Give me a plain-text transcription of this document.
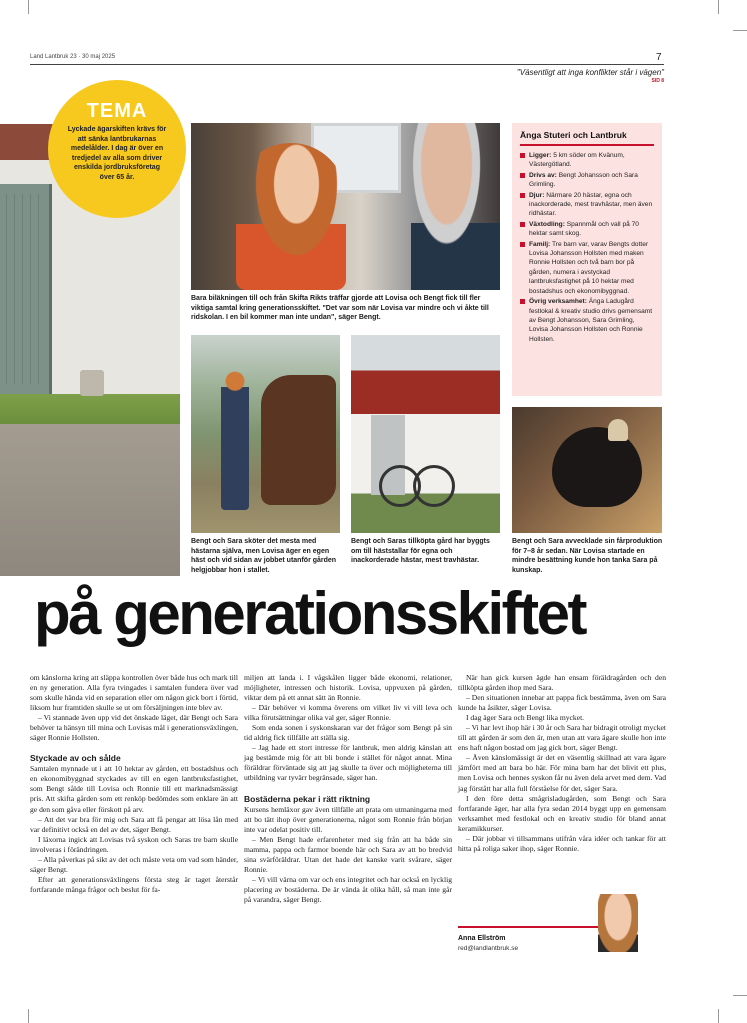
Land Lantbruk 23 · 30 maj 2025	7
"Väsentligt att inga konflikter står i vägen"
SID 8
TEMA
Lyckade ägarskiften krävs för att sänka lantbrukarnas medelålder. I dag är över en tredjedel av alla som driver enskilda jordbruksföretag över 65 år.
Bara biläkningen till och från Skifta Rikts träffar gjorde att Lovisa och Bengt fick till fler viktiga samtal kring generationsskiftet. "Det var som när Lovisa var mindre och vi åkte till ridskolan. I en bil kommer man inte undan", säger Bengt.
Bengt och Sara sköter det mesta med hästarna själva, men Lovisa äger en egen häst och vid sidan av jobbet utanför gården helgjobbar hon i stallet.
Bengt och Saras tillköpta gård har byggts om till häststallar för egna och inackorderade hästar, mest travhästar.
Bengt och Sara avvecklade sin fårproduktion för 7–8 år sedan. När Lovisa startade en mindre besättning kunde hon tanka Sara på kunskap.
Änga Stuteri och Lantbruk
Ligger: 5 km söder om Kvänum, Västergötland.
Drivs av: Bengt Johansson och Sara Grimling.
Djur: Närmare 20 hästar, egna och inackorderade, mest travhästar, men även ridhästar.
Växtodling: Spannmål och vall på 70 hektar samt skog.
Familj: Tre barn var, varav Bengts dotter Lovisa Johansson Hollsten med maken Ronnie Hollsten och två barn bor på gården, numera i avstyckad lantbruksfastighet på 10 hektar med bostadshus och ekonomibyggnad.
Övrig verksamhet: Änga Ladugård festlokal & kreativ studio drivs gemensamt av Bengt Johansson, Sara Grimling, Lovisa Johansson Hollsten och Ronnie Hollsten.
på generationsskiftet

om känslorna kring att släppa kontrollen över både hus och mark till en ny generation. Alla fyra tvingades i samtalen fundera över vad som skulle hända vid en separation eller om någon gick bort i förtid, liksom hur framtiden skulle se ut om försäljningen inte blev av.

– Vi stannade även upp vid det önskade läget, där Bengt och Sara behöver ta hänsyn till mina och Lovisas mål i generationsväxlingen, säger Ronnie Hollsten.

Styckade av och sålde

Samtalen mynnade ut i att 10 hektar av gården, ett bostadshus och en ekonomibyggnad styckades av till en egen lantbruksfastighet, som Bengt sålde till Lovisa och Ronnie till ett marknadsmässigt pris. Att skifta gården som ett renköp bedömdes som enklare än att ge den som gåva eller förskott på arv.

– Att det var bra för mig och Sara att få pengar att lösa lån med var definitivt också en del av det, säger Bengt.

I läxorna ingick att Lovisas två syskon och Saras tre barn skulle involveras i förändringen.

– Alla påverkas på sikt av det och måste veta om vad som händer, säger Bengt.

Efter att generationsväxlingens första steg är taget återstår fortfarande många frågor och beslut för fa-

miljen att landa i. I vågskålen ligger både ekonomi, relationer, möjligheter, intressen och historik. Lovisa, uppvuxen på gården, viktar dem på ett annat sätt än Ronnie.

– Där behöver vi komma överens om vilket liv vi vill leva och vilka förutsättningar olika val ger, säger Ronnie.

Som enda sonen i syskonskaran var det frågor som Bengt på sin tid aldrig fick tillfälle att ställa sig.

– Jag hade ett stort intresse för lantbruk, men aldrig känslan att jag bestämde mig för att bli bonde i stället för något annat. Mina föräldrar förväntade sig att jag skulle ta över och möjligheterna till utbildning var tyvärr begränsade, säger han.

Bostäderna pekar i rätt riktning

Kursens hemläxor gav även tillfälle att prata om utmaningarna med att bo tätt ihop över generationerna, något som Ronnie från början inte var odelat positiv till.

– Men Bengt hade erfarenheter med sig från att ha både sin mamma, pappa och farmor boende här och Sara av att bo bredvid sina svärföräldrar. Utan det hade det kanske varit svårare, säger Ronnie.

– Vi vill värna om var och ens integritet och har också en lycklig placering av bostäderna. De är vända åt olika håll, så man inte går på varandra, säger Bengt.

När han gick kursen ägde han ensam föräldragården och den tillköpta gården ihop med Sara.

– Den situationen innebar att pappa fick bestämma, även om Sara kunde ha åsikter, säger Lovisa.

I dag äger Sara och Bengt lika mycket.

– Vi har levt ihop här i 30 år och Sara har bidragit otroligt mycket till att gården är som den är, men utan att vara ägare skulle hon inte ens haft någon bostad om jag gick bort, säger Bengt.

– Även känslomässigt är det en väsentlig skillnad att vara ägare jämfört med att bara bo här. För mina barn har det blivit ett plus, men Lovisa och hennes syskon får nu även dela arvet med dem. Vad jag förstått har alla full förståelse för det, säger Sara.

I den före detta smågrisladugården, som Bengt och Sara fortfarande äger, har alla fyra sedan 2014 byggt upp en gemensam verksamhet med festlokal och en kreativ studio för bland annat keramikkurser.

– Där jobbar vi tillsammans utifrån våra idéer och tankar för att hitta på roliga saker ihop, säger Ronnie.

Anna Ellström
red@landlantbruk.se
